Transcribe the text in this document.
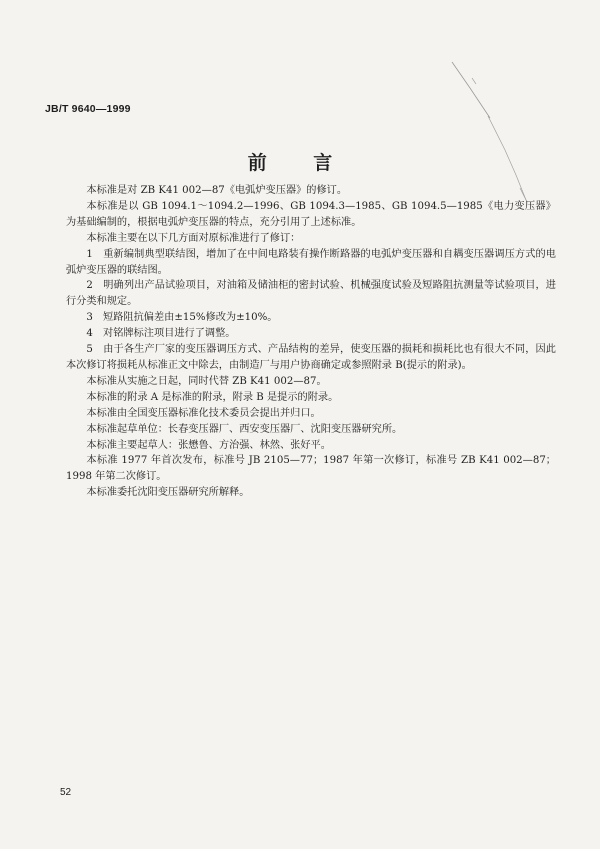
JB/T 9640—1999
前 言

本标准是对 ZB K41 002—87《电弧炉变压器》的修订。

本标准是以 GB 1094.1～1094.2—1996、GB 1094.3—1985、GB 1094.5—1985《电力变压器》为基础编制的，根据电弧炉变压器的特点，充分引用了上述标准。

本标准主要在以下几方面对原标准进行了修订：

1　重新编制典型联结图，增加了在中间电路装有操作断路器的电弧炉变压器和自耦变压器调压方式的电弧炉变压器的联结图。

2　明确列出产品试验项目，对油箱及储油柜的密封试验、机械强度试验及短路阻抗测量等试验项目，进行分类和规定。

3　短路阻抗偏差由±15%修改为±10%。

4　对铭牌标注项目进行了调整。

5　由于各生产厂家的变压器调压方式、产品结构的差异，使变压器的损耗和损耗比也有很大不同，因此本次修订将损耗从标准正文中除去，由制造厂与用户协商确定或参照附录 B(提示的附录)。

本标准从实施之日起，同时代替 ZB K41 002—87。

本标准的附录 A 是标准的附录，附录 B 是提示的附录。

本标准由全国变压器标准化技术委员会提出并归口。

本标准起草单位：长春变压器厂、西安变压器厂、沈阳变压器研究所。

本标准主要起草人：张懋鲁、方治强、林然、张好平。

本标准 1977 年首次发布，标准号 JB 2105—77；1987 年第一次修订，标准号 ZB K41 002—87；1998 年第二次修订。

本标准委托沈阳变压器研究所解释。

52
